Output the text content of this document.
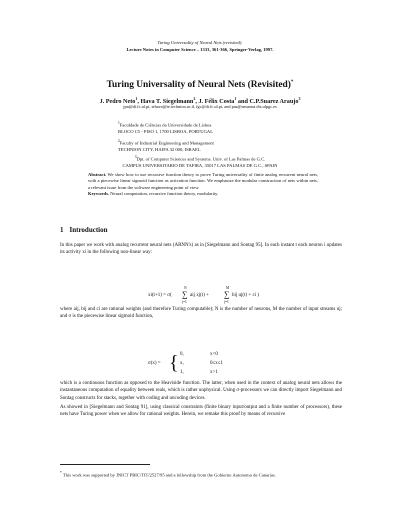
Turing Universality of Neural Nets (revisited).
Lecture Notes in Computer Science – 1333, 361-366, Springer-Verlag, 1997.
Turing Universality of Neural Nets (Revisited)*
J. Pedro Neto$^1$, Hava T. Siegelmann$^2$, J. Félix Costa$^1$ and C.P.Suarez Araujo$^3$
jpn@di.fc.ul.pt, iehava@ie.technion.ac.il, fgc@di.fc.ul.pt, and paz@neurona.dis.ulpgc.es
$^1$Faculdade de Ciências da Universidade de Lisboa
BLOCO C5 - PISO 1, 1700 LISBOA, PORTUGAL
$^2$Faculty of Industrial Engineering and Management
TECHNION CITY, HAIFA 32 000, ISRAEL
$^3$Dpt. of Computer Sciences and Systems. Univ. of Las Palmas de G.C.
CAMPUS UNIVERSITARIO DE TAFIRA, 35017 LAS PALMAS DE G.C., SPAIN
Abstract. We show how to use recursive function theory to prove Turing universality of finite analog recurrent neural nets, with a piecewise linear sigmoid function as activation function. We emphasize the modular construction of nets within nets, a relevant issue from the software engineering point of view.
Keywords. Neural computation, recursive function theory, modularity.
1 Introduction
In this paper we work with analog recurrent neural nets (ARNN's) as in [Siegelmann and Sontag 95]. In each instant t each neuron i updates its activity xi in the following non-linear way:
xi(t+1) = σ(
N
∑
j=1
aij xj(t) +
M
∑
j=1
bij uj(t) + ci )
where aij, bij and ci are rational weights (and therefore Turing computable); N is the number of neurons, M the number of input streams uj; and σ is the piecewise linear sigmoid function,
σ(x) = { 0,	x<0
x,	0≤x≤1
1,	x>1
which is a continuous function as opposed to the Heaviside function. The latter, when used in the context of analog neural nets allows the instantaneous computation of equality between reals, which is rather unphysical. Using σ-processors we can directly import Siegelmann and Sontag constructs for stacks, together with coding and uncoding devices.
As showed in [Siegelmann and Sontag 91], using classical constraints (finite binary input/output and a finite number of processors), these nets have Turing power when we allow for rational weights. Herein, we remake this proof by means of recursive
* This work was supported by JNICT PBIC/TIT/2527/95 and a fellowship from the Gobierno Autonomo de Canarias.
